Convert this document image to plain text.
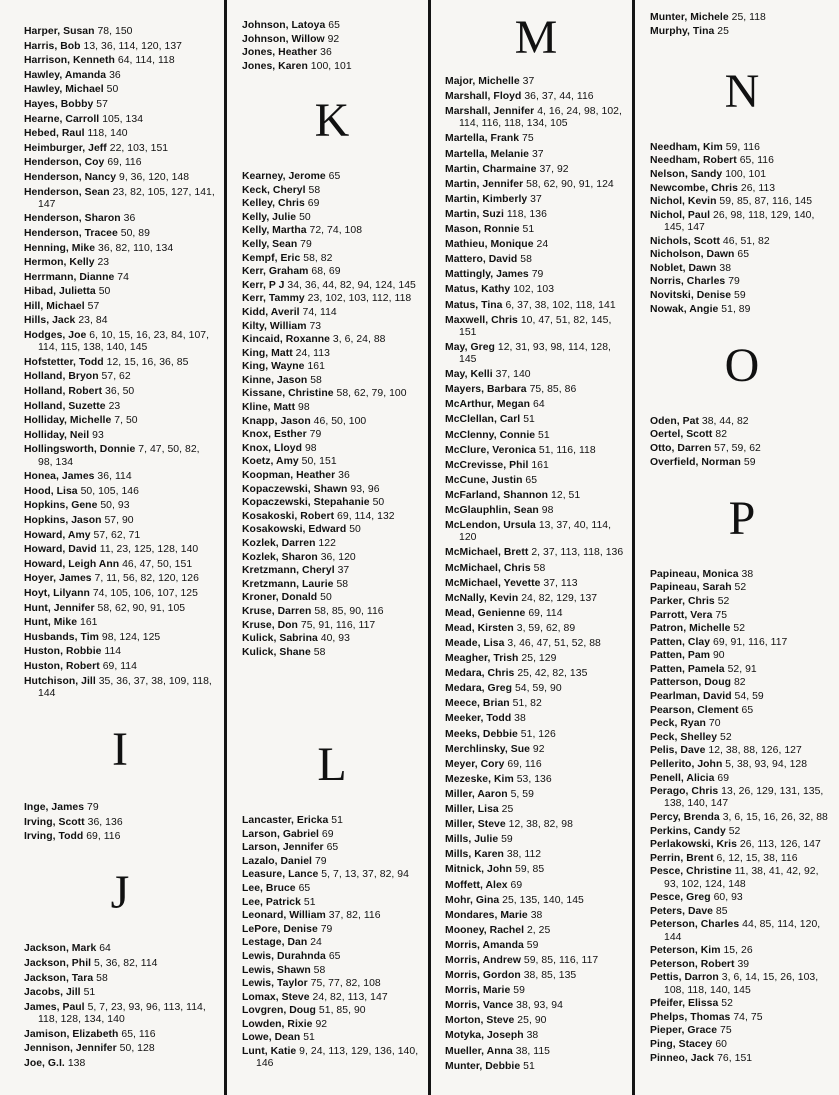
Harper, Susan 78, 150
Harris, Bob 13, 36, 114, 120, 137
Harrison, Kenneth 64, 114, 118
Hawley, Amanda 36
Hawley, Michael 50
Hayes, Bobby 57
Hearne, Carroll 105, 134
Hebed, Raul 118, 140
Heimburger, Jeff 22, 103, 151
Henderson, Coy 69, 116
Henderson, Nancy 9, 36, 120, 148
Henderson, Sean 23, 82, 105, 127, 141, 147
Henderson, Sharon 36
Henderson, Tracee 50, 89
Henning, Mike 36, 82, 110, 134
Hermon, Kelly 23
Herrmann, Dianne 74
Hibad, Julietta 50
Hill, Michael 57
Hills, Jack 23, 84
Hodges, Joe 6, 10, 15, 16, 23, 84, 107, 114, 115, 138, 140, 145
Hofstetter, Todd 12, 15, 16, 36, 85
Holland, Bryon 57, 62
Holland, Robert 36, 50
Holland, Suzette 23
Holliday, Michelle 7, 50
Holliday, Neil 93
Hollingsworth, Donnie 7, 47, 50, 82, 98, 134
Honea, James 36, 114
Hood, Lisa 50, 105, 146
Hopkins, Gene 50, 93
Hopkins, Jason 57, 90
Howard, Amy 57, 62, 71
Howard, David 11, 23, 125, 128, 140
Howard, Leigh Ann 46, 47, 50, 151
Hoyer, James 7, 11, 56, 82, 120, 126
Hoyt, Lilyann 74, 105, 106, 107, 125
Hunt, Jennifer 58, 62, 90, 91, 105
Hunt, Mike 161
Husbands, Tim 98, 124, 125
Huston, Robbie 114
Huston, Robert 69, 114
Hutchison, Jill 35, 36, 37, 38, 109, 118, 144
I
Inge, James 79
Irving, Scott 36, 136
Irving, Todd 69, 116
J
Jackson, Mark 64
Jackson, Phil 5, 36, 82, 114
Jackson, Tara 58
Jacobs, Jill 51
James, Paul 5, 7, 23, 93, 96, 113, 114, 118, 128, 134, 140
Jamison, Elizabeth 65, 116
Jennison, Jennifer 50, 128
Joe, G.I. 138
Johnson, Latoya 65
Johnson, Willow 92
Jones, Heather 36
Jones, Karen 100, 101
K
Kearney, Jerome 65
Keck, Cheryl 58
Kelley, Chris 69
Kelly, Julie 50
Kelly, Martha 72, 74, 108
Kelly, Sean 79
Kempf, Eric 58, 82
Kerr, Graham 68, 69
Kerr, P J 34, 36, 44, 82, 94, 124, 145
Kerr, Tammy 23, 102, 103, 112, 118
Kidd, Averil 74, 114
Kilty, William 73
Kincaid, Roxanne 3, 6, 24, 88
King, Matt 24, 113
King, Wayne 161
Kinne, Jason 58
Kissane, Christine 58, 62, 79, 100
Kline, Matt 98
Knapp, Jason 46, 50, 100
Knox, Esther 79
Knox, Lloyd 98
Koetz, Amy 50, 151
Koopman, Heather 36
Kopaczewski, Shawn 93, 96
Kopaczewski, Stepahanie 50
Kosakoski, Robert 69, 114, 132
Kosakowski, Edward 50
Kozlek, Darren 122
Kozlek, Sharon 36, 120
Kretzmann, Cheryl 37
Kretzmann, Laurie 58
Kroner, Donald 50
Kruse, Darren 58, 85, 90, 116
Kruse, Don 75, 91, 116, 117
Kulick, Sabrina 40, 93
Kulick, Shane 58
L
Lancaster, Ericka 51
Larson, Gabriel 69
Larson, Jennifer 65
Lazalo, Daniel 79
Leasure, Lance 5, 7, 13, 37, 82, 94
Lee, Bruce 65
Lee, Patrick 51
Leonard, William 37, 82, 116
LePore, Denise 79
Lestage, Dan 24
Lewis, Durahnda 65
Lewis, Shawn 58
Lewis, Taylor 75, 77, 82, 108
Lomax, Steve 24, 82, 113, 147
Lovgren, Doug 51, 85, 90
Lowden, Rixie 92
Lowe, Dean 51
Lunt, Katie 9, 24, 113, 129, 136, 140, 146
M
Major, Michelle 37
Marshall, Floyd 36, 37, 44, 116
Marshall, Jennifer 4, 16, 24, 98, 102, 114, 116, 118, 134, 105
Martella, Frank 75
Martella, Melanie 37
Martin, Charmaine 37, 92
Martin, Jennifer 58, 62, 90, 91, 124
Martin, Kimberly 37
Martin, Suzi 118, 136
Mason, Ronnie 51
Mathieu, Monique 24
Mattero, David 58
Mattingly, James 79
Matus, Kathy 102, 103
Matus, Tina 6, 37, 38, 102, 118, 141
Maxwell, Chris 10, 47, 51, 82, 145, 151
May, Greg 12, 31, 93, 98, 114, 128, 145
May, Kelli 37, 140
Mayers, Barbara 75, 85, 86
McArthur, Megan 64
McClellan, Carl 51
McClenny, Connie 51
McClure, Veronica 51, 116, 118
McCrevisse, Phil 161
McCune, Justin 65
McFarland, Shannon 12, 51
McGlauphlin, Sean 98
McLendon, Ursula 13, 37, 40, 114, 120
McMichael, Brett 2, 37, 113, 118, 136
McMichael, Chris 58
McMichael, Yevette 37, 113
McNally, Kevin 24, 82, 129, 137
Mead, Genienne 69, 114
Mead, Kirsten 3, 59, 62, 89
Meade, Lisa 3, 46, 47, 51, 52, 88
Meagher, Trish 25, 129
Medara, Chris 25, 42, 82, 135
Medara, Greg 54, 59, 90
Meece, Brian 51, 82
Meeker, Todd 38
Meeks, Debbie 51, 126
Merchlinsky, Sue 92
Meyer, Cory 69, 116
Mezeske, Kim 53, 136
Miller, Aaron 5, 59
Miller, Lisa 25
Miller, Steve 12, 38, 82, 98
Mills, Julie 59
Mills, Karen 38, 112
Mitnick, John 59, 85
Moffett, Alex 69
Mohr, Gina 25, 135, 140, 145
Mondares, Marie 38
Mooney, Rachel 2, 25
Morris, Amanda 59
Morris, Andrew 59, 85, 116, 117
Morris, Gordon 38, 85, 135
Morris, Marie 59
Morris, Vance 38, 93, 94
Morton, Steve 25, 90
Motyka, Joseph 38
Mueller, Anna 38, 115
Munter, Debbie 51
Munter, Michele 25, 118
Murphy, Tina 25
N
Needham, Kim 59, 116
Needham, Robert 65, 116
Nelson, Sandy 100, 101
Newcombe, Chris 26, 113
Nichol, Kevin 59, 85, 87, 116, 145
Nichol, Paul 26, 98, 118, 129, 140, 145, 147
Nichols, Scott 46, 51, 82
Nicholson, Dawn 65
Noblet, Dawn 38
Norris, Charles 79
Novitski, Denise 59
Nowak, Angie 51, 89
O
Oden, Pat 38, 44, 82
Oertel, Scott 82
Otto, Darren 57, 59, 62
Overfield, Norman 59
P
Papineau, Monica 38
Papineau, Sarah 52
Parker, Chris 52
Parrott, Vera 75
Patron, Michelle 52
Patten, Clay 69, 91, 116, 117
Patten, Pam 90
Patten, Pamela 52, 91
Patterson, Doug 82
Pearlman, David 54, 59
Pearson, Clement 65
Peck, Ryan 70
Peck, Shelley 52
Pelis, Dave 12, 38, 88, 126, 127
Pellerito, John 5, 38, 93, 94, 128
Penell, Alicia 69
Perago, Chris 13, 26, 129, 131, 135, 138, 140, 147
Percy, Brenda 3, 6, 15, 16, 26, 32, 88
Perkins, Candy 52
Perlakowski, Kris 26, 113, 126, 147
Perrin, Brent 6, 12, 15, 38, 116
Pesce, Christine 11, 38, 41, 42, 92, 93, 102, 124, 148
Pesce, Greg 60, 93
Peters, Dave 85
Peterson, Charles 44, 85, 114, 120, 144
Peterson, Kim 15, 26
Peterson, Robert 39
Pettis, Darron 3, 6, 14, 15, 26, 103, 108, 118, 140, 145
Pfeifer, Elissa 52
Phelps, Thomas 74, 75
Pieper, Grace 75
Ping, Stacey 60
Pinneo, Jack 76, 151
